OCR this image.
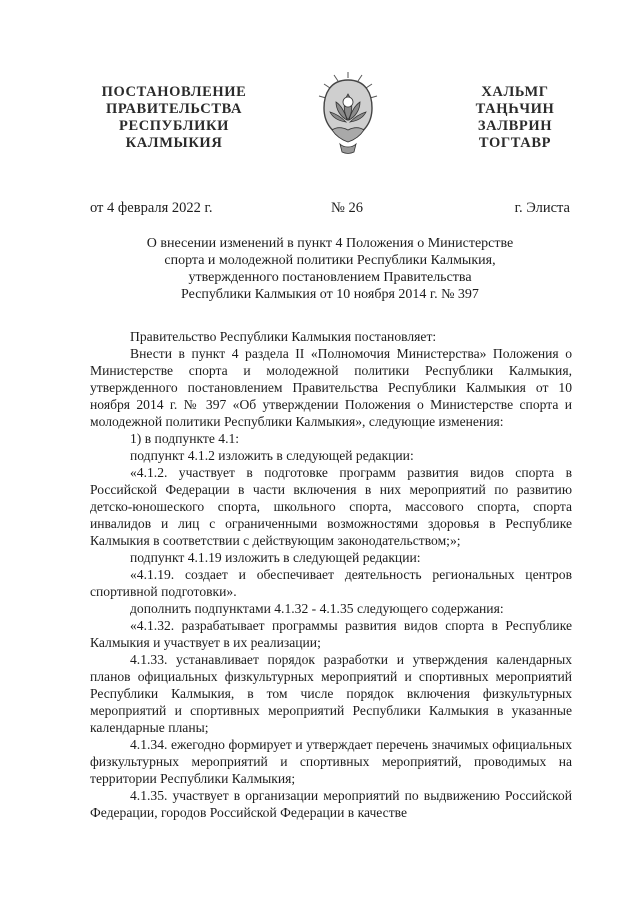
ПОСТАНОВЛЕНИЕ
ПРАВИТЕЛЬСТВА
РЕСПУБЛИКИ
КАЛМЫКИЯ
ХАЛЬМГ
ТАҢҺЧИН
ЗАЛВРИН
ТОГТАВР
от 4 февраля 2022 г.	№ 26	г. Элиста
О внесении изменений в пункт 4 Положения о Министерстве
спорта и молодежной политики Республики Калмыкия,
утвержденного постановлением Правительства
Республики Калмыкия от 10 ноября 2014 г. № 397

Правительство Республики Калмыкия постановляет:

Внести в пункт 4 раздела II «Полномочия Министерства» Положения о Министерстве спорта и молодежной политики Республики Калмыкия, утвержденного постановлением Правительства Республики Калмыкия от 10 ноября 2014 г. № 397 «Об утверждении Положения о Министерстве спорта и молодежной политики Республики Калмыкия», следующие изменения:

1) в подпункте 4.1:

подпункт 4.1.2 изложить в следующей редакции:

«4.1.2. участвует в подготовке программ развития видов спорта в Российской Федерации в части включения в них мероприятий по развитию детско-юношеского спорта, школьного спорта, массового спорта, спорта инвалидов и лиц с ограниченными возможностями здоровья в Республике Калмыкия в соответствии с действующим законодательством;»;

подпункт 4.1.19 изложить в следующей редакции:

«4.1.19. создает и обеспечивает деятельность региональных центров спортивной подготовки».

дополнить подпунктами 4.1.32 - 4.1.35 следующего содержания:

«4.1.32. разрабатывает программы развития видов спорта в Республике Калмыкия и участвует в их реализации;

4.1.33. устанавливает порядок разработки и утверждения календарных планов официальных физкультурных мероприятий и спортивных мероприятий Республики Калмыкия, в том числе порядок включения физкультурных мероприятий и спортивных мероприятий Республики Калмыкия в указанные календарные планы;

4.1.34. ежегодно формирует и утверждает перечень значимых официальных физкультурных мероприятий и спортивных мероприятий, проводимых на территории Республики Калмыкия;

4.1.35. участвует в организации мероприятий по выдвижению Российской Федерации, городов Российской Федерации в качестве
